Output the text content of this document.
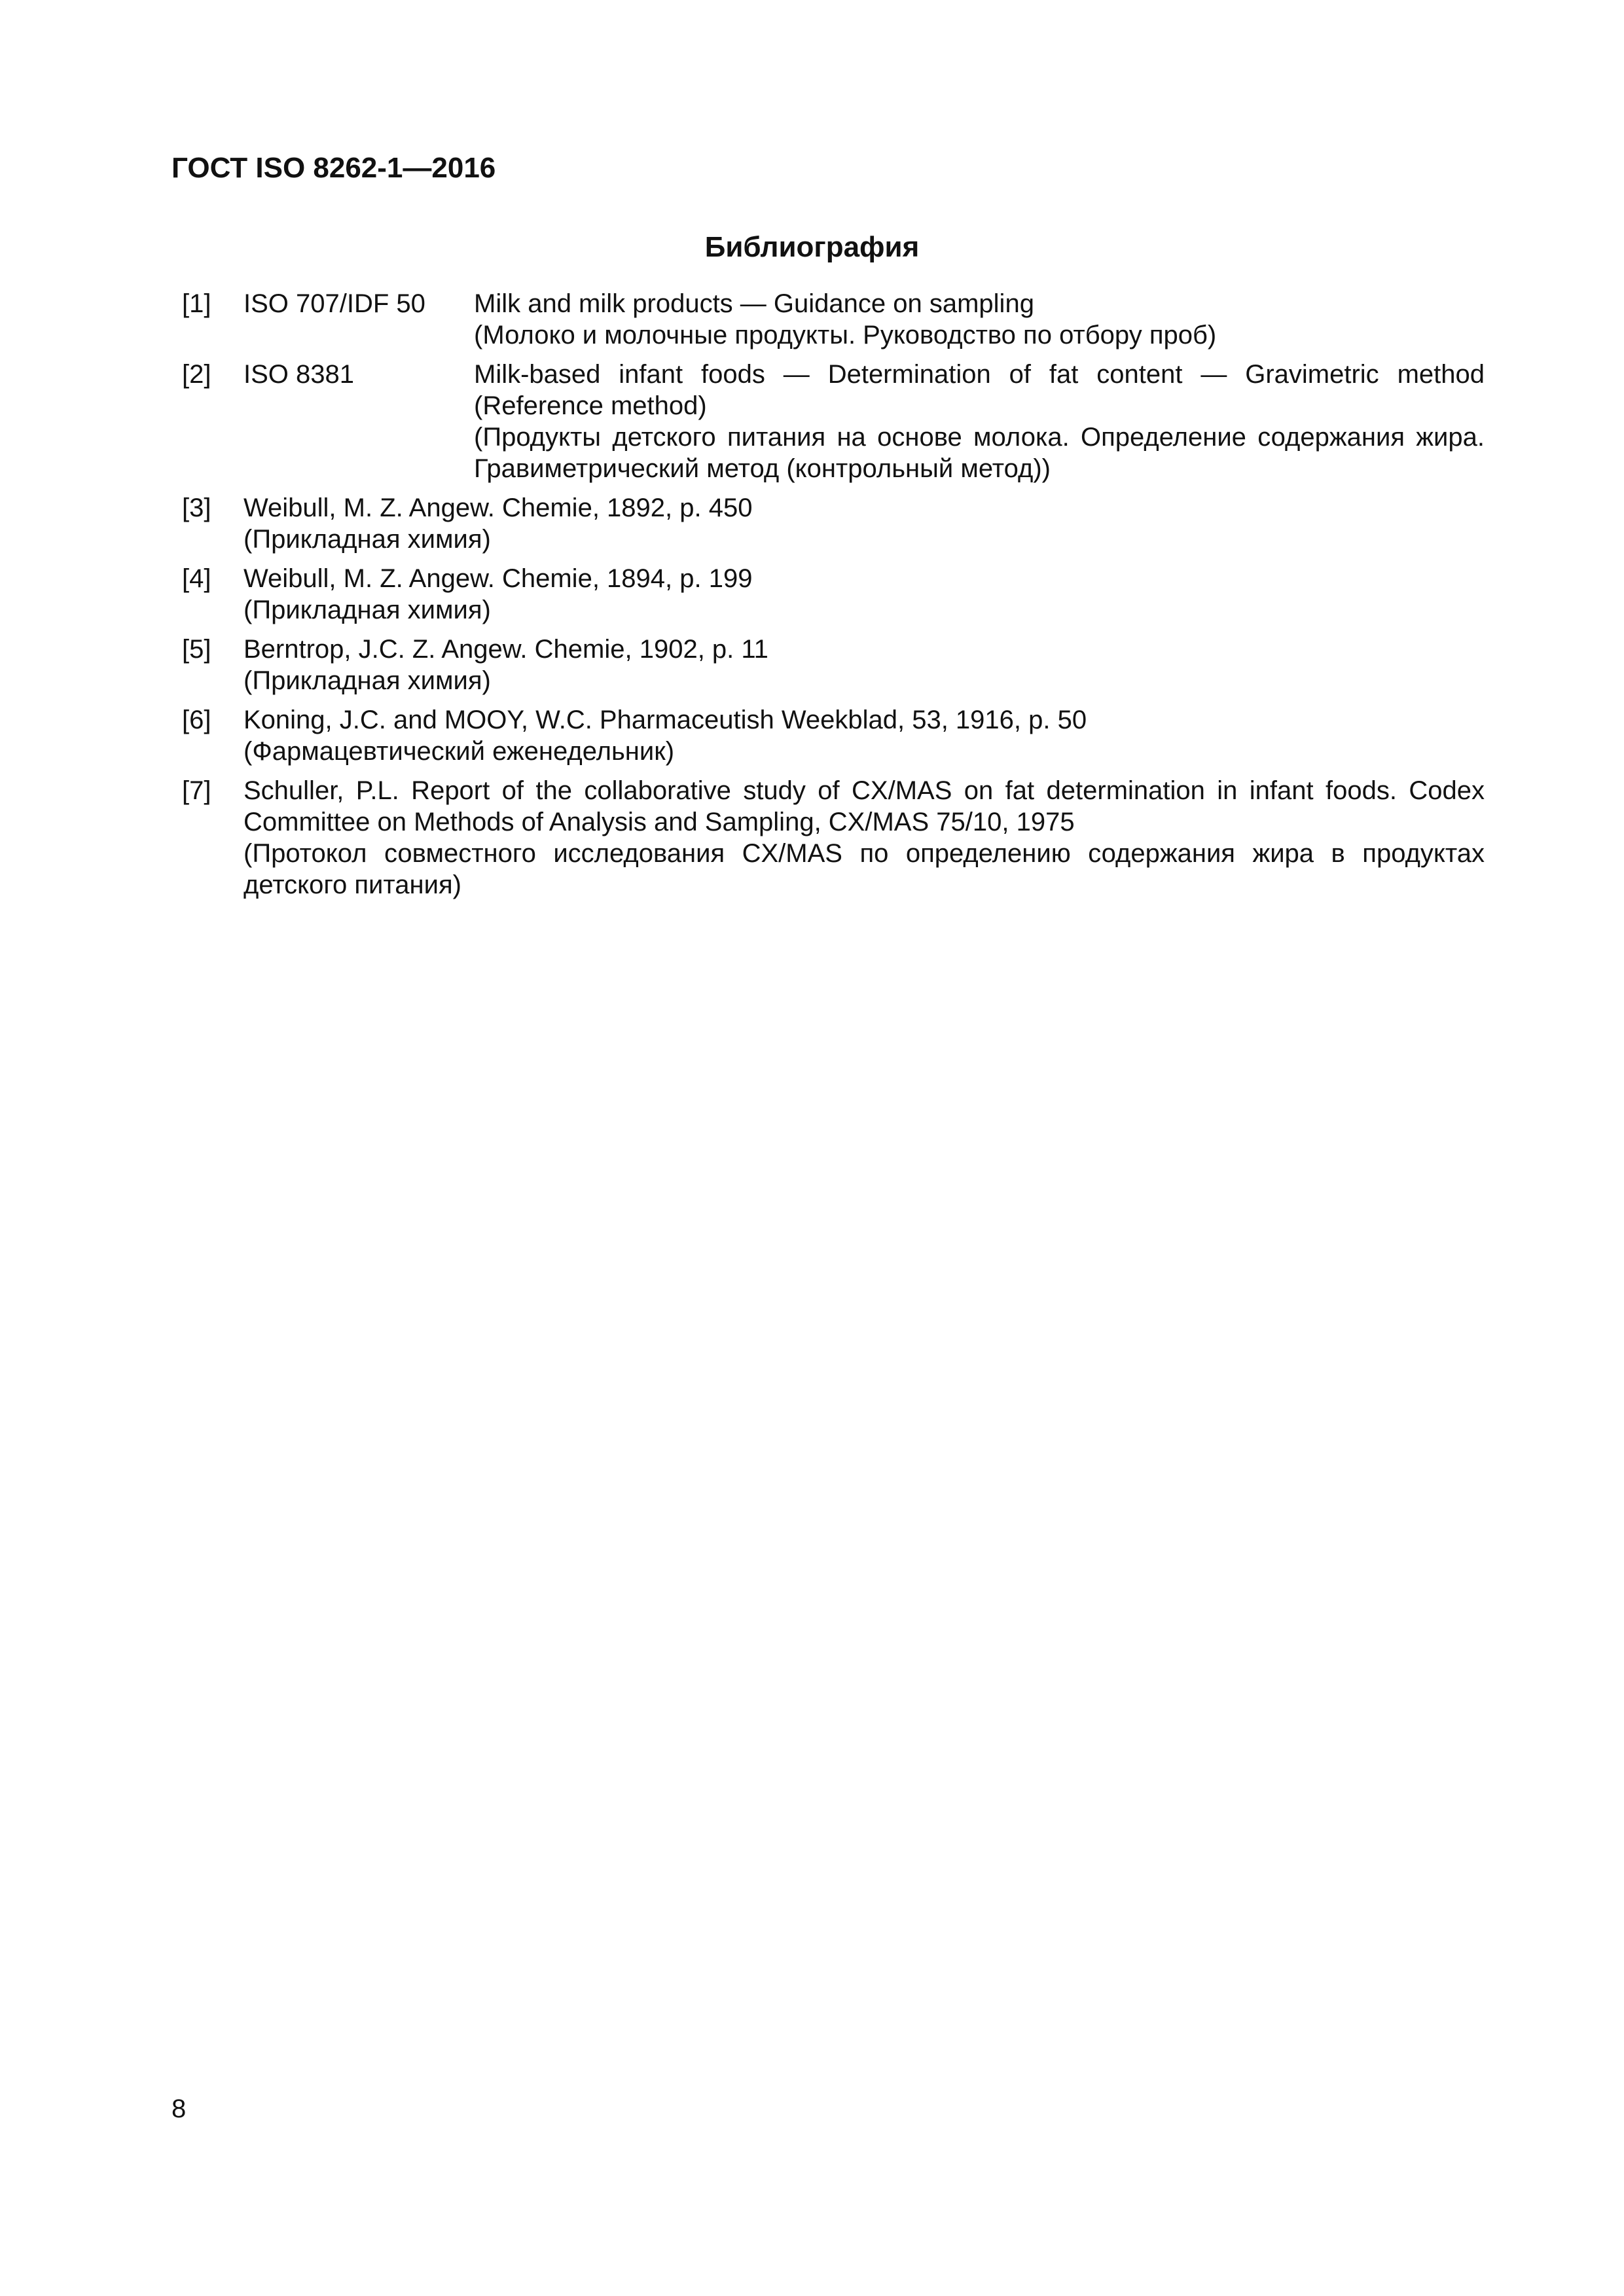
ГОСТ ISO 8262-1—2016
Библиография
[1] ISO 707/IDF 50 Milk and milk products — Guidance on sampling
(Молоко и молочные продукты. Руководство по отбору проб)
[2] ISO 8381	Milk-based infant foods — Determination of fat content — Gravimetric method
(Reference method)
(Продукты детского питания на основе молока. Определение содержания жира.
Гравиметрический метод (контрольный метод))
[3] Weibull, M. Z. Angew. Chemie, 1892, p. 450
(Прикладная химия)
[4] Weibull, M. Z. Angew. Chemie, 1894, p. 199
(Прикладная химия)
[5] Berntrop, J.C. Z. Angew. Chemie, 1902, p. 11
(Прикладная химия)
[6] Koning, J.C. and MOOY, W.C. Pharmaceutish Weekblad, 53, 1916, p. 50
(Фармацевтический еженедельник)
[7] Schuller, P.L. Report of the collaborative study of CX/MAS on fat determination in infant foods. Codex
Committee on Methods of Analysis and Sampling, CX/MAS 75/10, 1975
(Протокол совместного исследования CX/MAS по определению содержания жира в продуктах
детского питания)
8
